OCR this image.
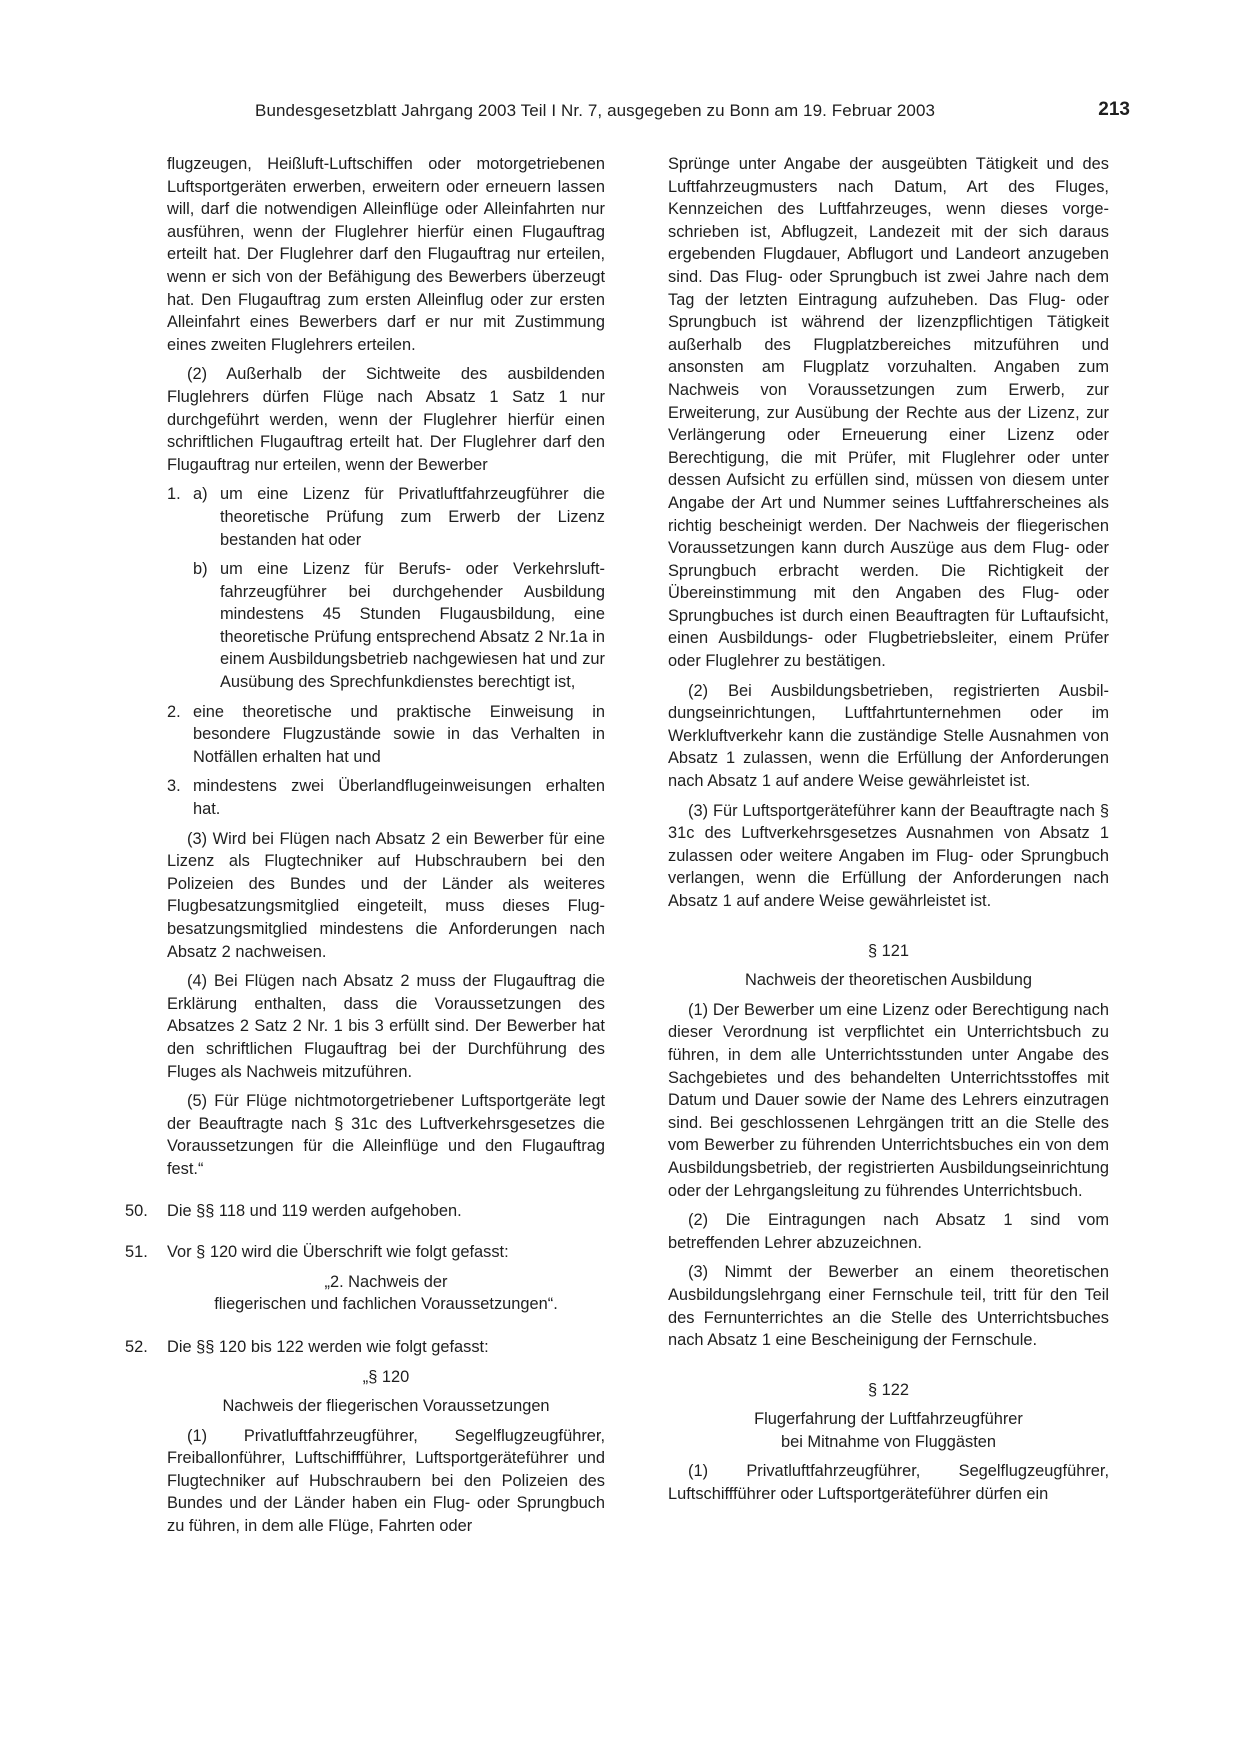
Bundesgesetzblatt Jahrgang 2003 Teil I Nr. 7, ausgegeben zu Bonn am 19. Februar 2003	213

flugzeugen, Heißluft-Luftschiffen oder motorgetriebenen Luftsportgeräten erwerben, erweitern oder erneuern lassen will, darf die notwendigen Alleinflüge oder Alleinfahrten nur ausführen, wenn der Fluglehrer hierfür einen Flugauftrag erteilt hat. Der Fluglehrer darf den Flugauftrag nur erteilen, wenn er sich von der Befähigung des Bewerbers überzeugt hat. Den Flugauftrag zum ersten Alleinflug oder zur ersten Alleinfahrt eines Bewerbers darf er nur mit Zustimmung eines zweiten Fluglehrers erteilen.

(2) Außerhalb der Sichtweite des ausbildenden Fluglehrers dürfen Flüge nach Absatz 1 Satz 1 nur durchgeführt werden, wenn der Fluglehrer hierfür einen schriftlichen Flugauftrag erteilt hat. Der Fluglehrer darf den Flugauftrag nur erteilen, wenn der Bewerber

1. a) um eine Lizenz für Privatluftfahrzeugführer die theoretische Prüfung zum Erwerb der Lizenz bestanden hat oder
b) um eine Lizenz für Berufs- oder Verkehrsluftfahrzeugführer bei durchgehender Ausbildung mindestens 45 Stunden Flugausbildung, eine theoretische Prüfung entsprechend Absatz 2 Nr.1a in einem Ausbildungsbetrieb nachgewiesen hat und zur Ausübung des Sprechfunkdienstes berechtigt ist,
2. eine theoretische und praktische Einweisung in besondere Flugzustände sowie in das Verhalten in Notfällen erhalten hat und
3. mindestens zwei Überlandflugeinweisungen erhalten hat.

(3) Wird bei Flügen nach Absatz 2 ein Bewerber für eine Lizenz als Flugtechniker auf Hubschraubern bei den Polizeien des Bundes und der Länder als weiteres Flugbesatzungsmitglied eingeteilt, muss dieses Flugbesatzungsmitglied mindestens die Anforderungen nach Absatz 2 nachweisen.

(4) Bei Flügen nach Absatz 2 muss der Flugauftrag die Erklärung enthalten, dass die Voraussetzungen des Absatzes 2 Satz 2 Nr. 1 bis 3 erfüllt sind. Der Bewerber hat den schriftlichen Flugauftrag bei der Durchführung des Fluges als Nachweis mitzuführen.

(5) Für Flüge nichtmotorgetriebener Luftsportgeräte legt der Beauftragte nach § 31c des Luftverkehrsgesetzes die Voraussetzungen für die Alleinflüge und den Flugauftrag fest.“

50. Die §§ 118 und 119 werden aufgehoben.
51. Vor § 120 wird die Überschrift wie folgt gefasst:
„2. Nachweis der
fliegerischen und fachlichen Voraussetzungen“.
52. Die §§ 120 bis 122 werden wie folgt gefasst:
„§ 120
Nachweis der fliegerischen Voraussetzungen

(1) Privatluftfahrzeugführer, Segelflugzeugführer, Freiballonführer, Luftschiffführer, Luftsportgeräteführer und Flugtechniker auf Hubschraubern bei den Polizeien des Bundes und der Länder haben ein Flug- oder Sprungbuch zu führen, in dem alle Flüge, Fahrten oder

Sprünge unter Angabe der ausgeübten Tätigkeit und des Luftfahrzeugmusters nach Datum, Art des Fluges, Kennzeichen des Luftfahrzeuges, wenn dieses vorgeschrieben ist, Abflugzeit, Landezeit mit der sich daraus ergebenden Flugdauer, Abflugort und Landeort anzugeben sind. Das Flug- oder Sprungbuch ist zwei Jahre nach dem Tag der letzten Eintragung aufzuheben. Das Flug- oder Sprungbuch ist während der lizenzpflichtigen Tätigkeit außerhalb des Flugplatzbereiches mitzuführen und ansonsten am Flugplatz vorzuhalten. Angaben zum Nachweis von Voraussetzungen zum Erwerb, zur Erweiterung, zur Ausübung der Rechte aus der Lizenz, zur Verlängerung oder Erneuerung einer Lizenz oder Berechtigung, die mit Prüfer, mit Fluglehrer oder unter dessen Aufsicht zu erfüllen sind, müssen von diesem unter Angabe der Art und Nummer seines Luftfahrerscheines als richtig bescheinigt werden. Der Nachweis der fliegerischen Voraussetzungen kann durch Auszüge aus dem Flug- oder Sprungbuch erbracht werden. Die Richtigkeit der Übereinstimmung mit den Angaben des Flug- oder Sprungbuches ist durch einen Beauftragten für Luftaufsicht, einen Ausbildungs- oder Flugbetriebsleiter, einem Prüfer oder Fluglehrer zu bestätigen.

(2) Bei Ausbildungsbetrieben, registrierten Ausbildungseinrichtungen, Luftfahrtunternehmen oder im Werkluftverkehr kann die zuständige Stelle Ausnahmen von Absatz 1 zulassen, wenn die Erfüllung der Anforderungen nach Absatz 1 auf andere Weise gewährleistet ist.

(3) Für Luftsportgeräteführer kann der Beauftragte nach § 31c des Luftverkehrsgesetzes Ausnahmen von Absatz 1 zulassen oder weitere Angaben im Flug- oder Sprungbuch verlangen, wenn die Erfüllung der Anforderungen nach Absatz 1 auf andere Weise gewährleistet ist.

§ 121
Nachweis der theoretischen Ausbildung

(1) Der Bewerber um eine Lizenz oder Berechtigung nach dieser Verordnung ist verpflichtet ein Unterrichtsbuch zu führen, in dem alle Unterrichtsstunden unter Angabe des Sachgebietes und des behandelten Unterrichtsstoffes mit Datum und Dauer sowie der Name des Lehrers einzutragen sind. Bei geschlossenen Lehrgängen tritt an die Stelle des vom Bewerber zu führenden Unterrichtsbuches ein von dem Ausbildungsbetrieb, der registrierten Ausbildungseinrichtung oder der Lehrgangsleitung zu führendes Unterrichtsbuch.

(2) Die Eintragungen nach Absatz 1 sind vom betreffenden Lehrer abzuzeichnen.

(3) Nimmt der Bewerber an einem theoretischen Ausbildungslehrgang einer Fernschule teil, tritt für den Teil des Fernunterrichtes an die Stelle des Unterrichtsbuches nach Absatz 1 eine Bescheinigung der Fernschule.

§ 122
Flugerfahrung der Luftfahrzeugführer
bei Mitnahme von Fluggästen

(1) Privatluftfahrzeugführer, Segelflugzeugführer, Luftschiffführer oder Luftsportgeräteführer dürfen ein
